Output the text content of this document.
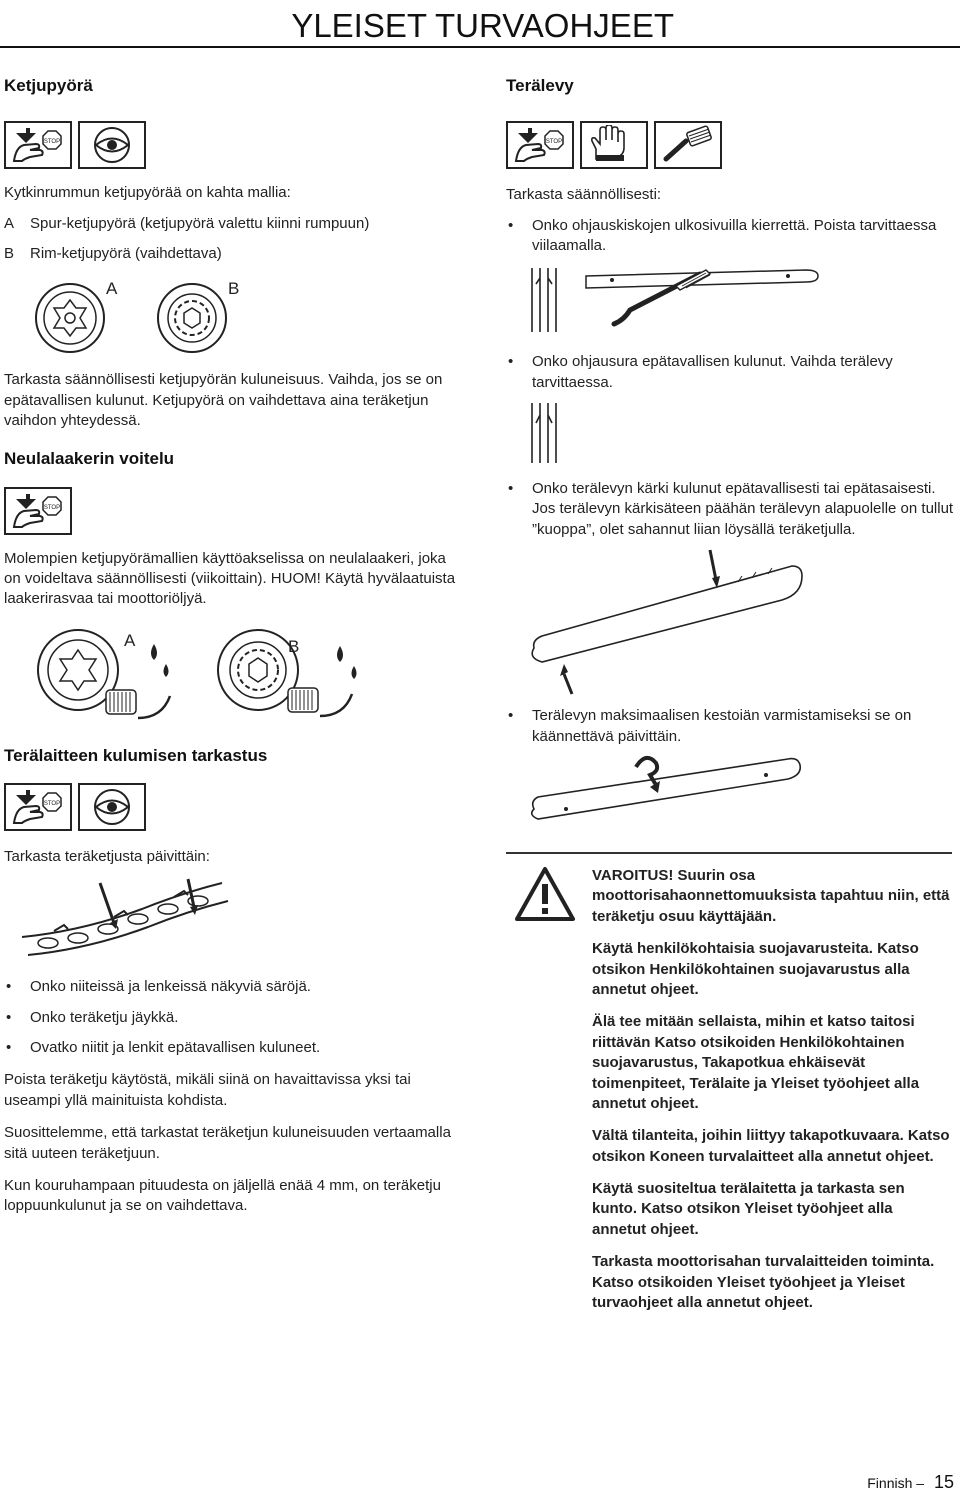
YLEISET TURVAOHJEET
Ketjupyörä
STOP

Kytkinrummun ketjupyörää on kahta mallia:

A	Spur-ketjupyörä (ketjupyörä valettu kiinni rumpuun)
B	Rim-ketjupyörä (vaihdettava)
A	B

Tarkasta säännöllisesti ketjupyörän kuluneisuus. Vaihda, jos se on epätavallisen kulunut. Ketjupyörä on vaihdettava aina teräketjun vaihdon yhteydessä.

Neulalaakerin voitelu
STOP

Molempien ketjupyörämallien käyttöakselissa on neulalaakeri, joka on voideltava säännöllisesti (viikoittain). HUOM! Käytä hyvälaatuista laakerirasvaa tai moottoriöljyä.

A	B
Terälaitteen kulumisen tarkastus
STOP

Tarkasta teräketjusta päivittäin:

• Onko niiteissä ja lenkeissä näkyviä säröjä.
• Onko teräketju jäykkä.
• Ovatko niitit ja lenkit epätavallisen kuluneet.

Poista teräketju käytöstä, mikäli siinä on havaittavissa yksi tai useampi yllä mainituista kohdista.

Suosittelemme, että tarkastat teräketjun kuluneisuuden vertaamalla sitä uuteen teräketjuun.

Kun kouruhampaan pituudesta on jäljellä enää 4 mm, on teräketju loppuunkulunut ja se on vaihdettava.

Terälevy
STOP

Tarkasta säännöllisesti:

• Onko ohjauskiskojen ulkosivuilla kierrettä. Poista tarvittaessa viilaamalla.
• Onko ohjausura epätavallisen kulunut. Vaihda terälevy tarvittaessa.
• Onko terälevyn kärki kulunut epätavallisesti tai epätasaisesti. Jos terälevyn kärkisäteen päähän terälevyn alapuolelle on tullut ”kuoppa”, olet sahannut liian löysällä teräketjulla.
• Terälevyn maksimaalisen kestoiän varmistamiseksi se on käännettävä päivittäin.

VAROITUS! Suurin osa moottorisahaonnettomuuksista tapahtuu niin, että teräketju osuu käyttäjään.

Käytä henkilökohtaisia suojavarusteita. Katso otsikon Henkilökohtainen suojavarustus alla annetut ohjeet.

Älä tee mitään sellaista, mihin et katso taitosi riittävän Katso otsikoiden Henkilökohtainen suojavarustus, Takapotkua ehkäisevät toimenpiteet, Terälaite ja Yleiset työohjeet alla annetut ohjeet.

Vältä tilanteita, joihin liittyy takapotkuvaara. Katso otsikon Koneen turvalaitteet alla annetut ohjeet.

Käytä suositeltua terälaitetta ja tarkasta sen kunto. Katso otsikon Yleiset työohjeet alla annetut ohjeet.

Tarkasta moottorisahan turvalaitteiden toiminta. Katso otsikoiden Yleiset työohjeet ja Yleiset turvaohjeet alla annetut ohjeet.

Finnish – 15
